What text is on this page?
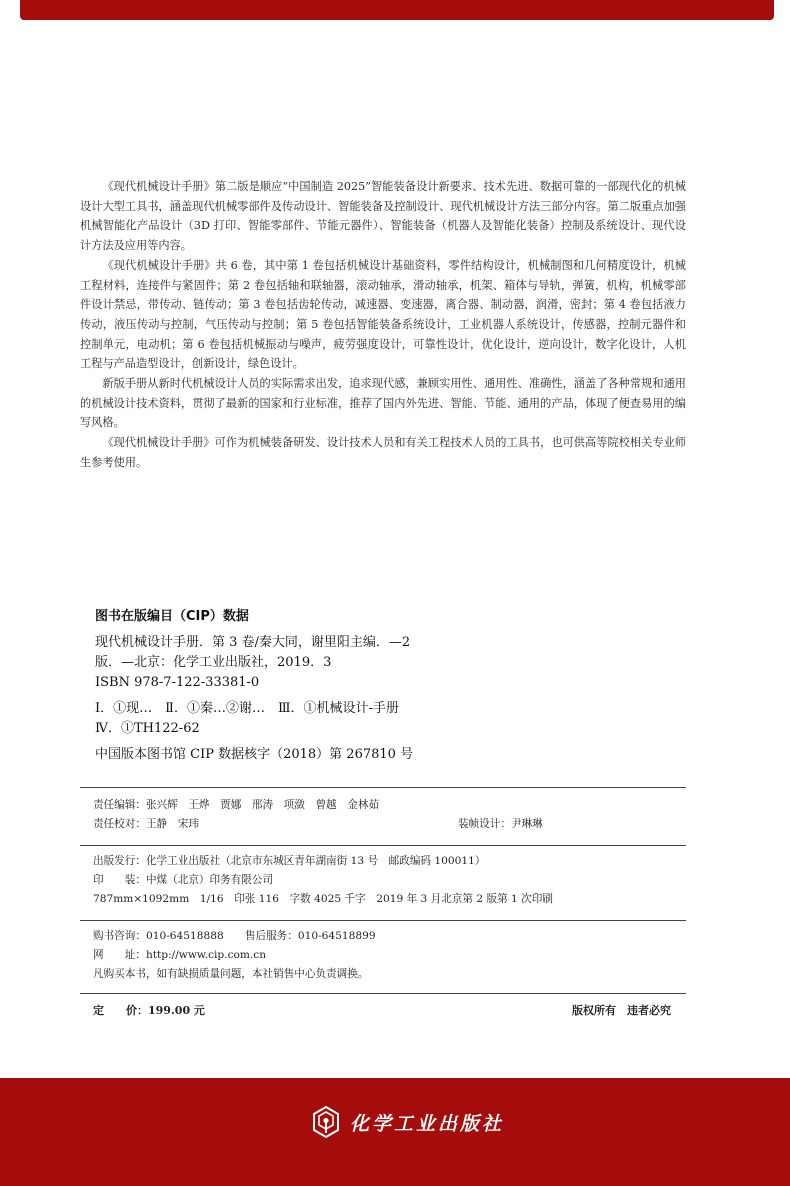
《现代机械设计手册》第二版是顺应“中国制造 2025”智能装备设计新要求、技术先进、数据可靠的一部现代化的机械设计大型工具书，涵盖现代机械零部件及传动设计、智能装备及控制设计、现代机械设计方法三部分内容。第二版重点加强机械智能化产品设计（3D 打印、智能零部件、节能元器件）、智能装备（机器人及智能化装备）控制及系统设计、现代设计方法及应用等内容。

《现代机械设计手册》共 6 卷，其中第 1 卷包括机械设计基础资料，零件结构设计，机械制图和几何精度设计，机械工程材料，连接件与紧固件；第 2 卷包括轴和联轴器，滚动轴承，滑动轴承，机架、箱体与导轨，弹簧，机构，机械零部件设计禁忌，带传动、链传动；第 3 卷包括齿轮传动，减速器、变速器，离合器、制动器，润滑，密封；第 4 卷包括液力传动，液压传动与控制，气压传动与控制；第 5 卷包括智能装备系统设计，工业机器人系统设计，传感器，控制元器件和控制单元，电动机；第 6 卷包括机械振动与噪声，疲劳强度设计，可靠性设计，优化设计，逆向设计，数字化设计，人机工程与产品造型设计，创新设计，绿色设计。

新版手册从新时代机械设计人员的实际需求出发，追求现代感，兼顾实用性、通用性、准确性，涵盖了各种常规和通用的机械设计技术资料，贯彻了最新的国家和行业标准，推荐了国内外先进、智能、节能、通用的产品，体现了便查易用的编写风格。

《现代机械设计手册》可作为机械装备研发、设计技术人员和有关工程技术人员的工具书，也可供高等院校相关专业师生参考使用。

图书在版编目（CIP）数据
现代机械设计手册．第 3 卷/秦大同，谢里阳主编．—2
版．—北京：化学工业出版社，2019．3
ISBN 978-7-122-33381-0
Ⅰ．①现…　Ⅱ．①秦…②谢…　Ⅲ．①机械设计-手册
Ⅳ．①TH122-62
中国版本图书馆 CIP 数据核字（2018）第 267810 号
责任编辑：张兴辉　王烨　贾娜　邢涛　项潋　曾越　金林茹
责任校对：王静　宋玮	装帧设计：尹琳琳
出版发行：化学工业出版社（北京市东城区青年湖南街 13 号　邮政编码 100011）
印　　装：中煤（北京）印务有限公司
787mm×1092mm　1/16　印张 116　字数 4025 千字　2019 年 3 月北京第 2 版第 1 次印刷
购书咨询：010-64518888　　售后服务：010-64518899
网　　址：http://www.cip.com.cn
凡购买本书，如有缺损质量问题，本社销售中心负责调换。
定　　价：199.00 元	版权所有　违者必究
化学工业出版社
